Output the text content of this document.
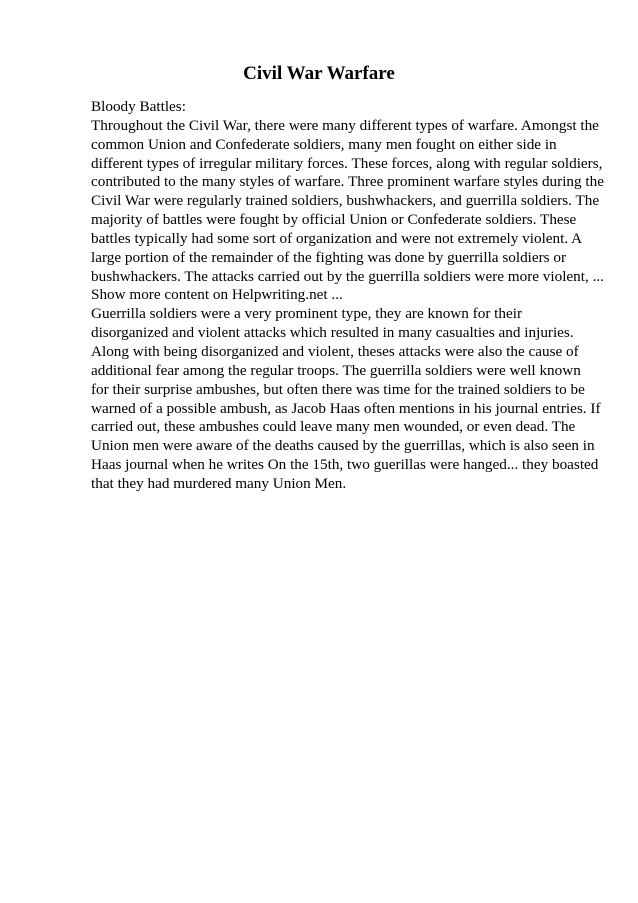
Civil War Warfare
Bloody Battles:
Throughout the Civil War, there were many different types of warfare. Amongst the
common Union and Confederate soldiers, many men fought on either side in
different types of irregular military forces. These forces, along with regular soldiers,
contributed to the many styles of warfare. Three prominent warfare styles during the
Civil War were regularly trained soldiers, bushwhackers, and guerrilla soldiers. The
majority of battles were fought by official Union or Confederate soldiers. These
battles typically had some sort of organization and were not extremely violent. A
large portion of the remainder of the fighting was done by guerrilla soldiers or
bushwhackers. The attacks carried out by the guerrilla soldiers were more violent, ...
Show more content on Helpwriting.net ...
Guerrilla soldiers were a very prominent type, they are known for their
disorganized and violent attacks which resulted in many casualties and injuries.
Along with being disorganized and violent, theses attacks were also the cause of
additional fear among the regular troops. The guerrilla soldiers were well known
for their surprise ambushes, but often there was time for the trained soldiers to be
warned of a possible ambush, as Jacob Haas often mentions in his journal entries. If
carried out, these ambushes could leave many men wounded, or even dead. The
Union men were aware of the deaths caused by the guerrillas, which is also seen in
Haas journal when he writes On the 15th, two guerillas were hanged... they boasted
that they had murdered many Union Men.
